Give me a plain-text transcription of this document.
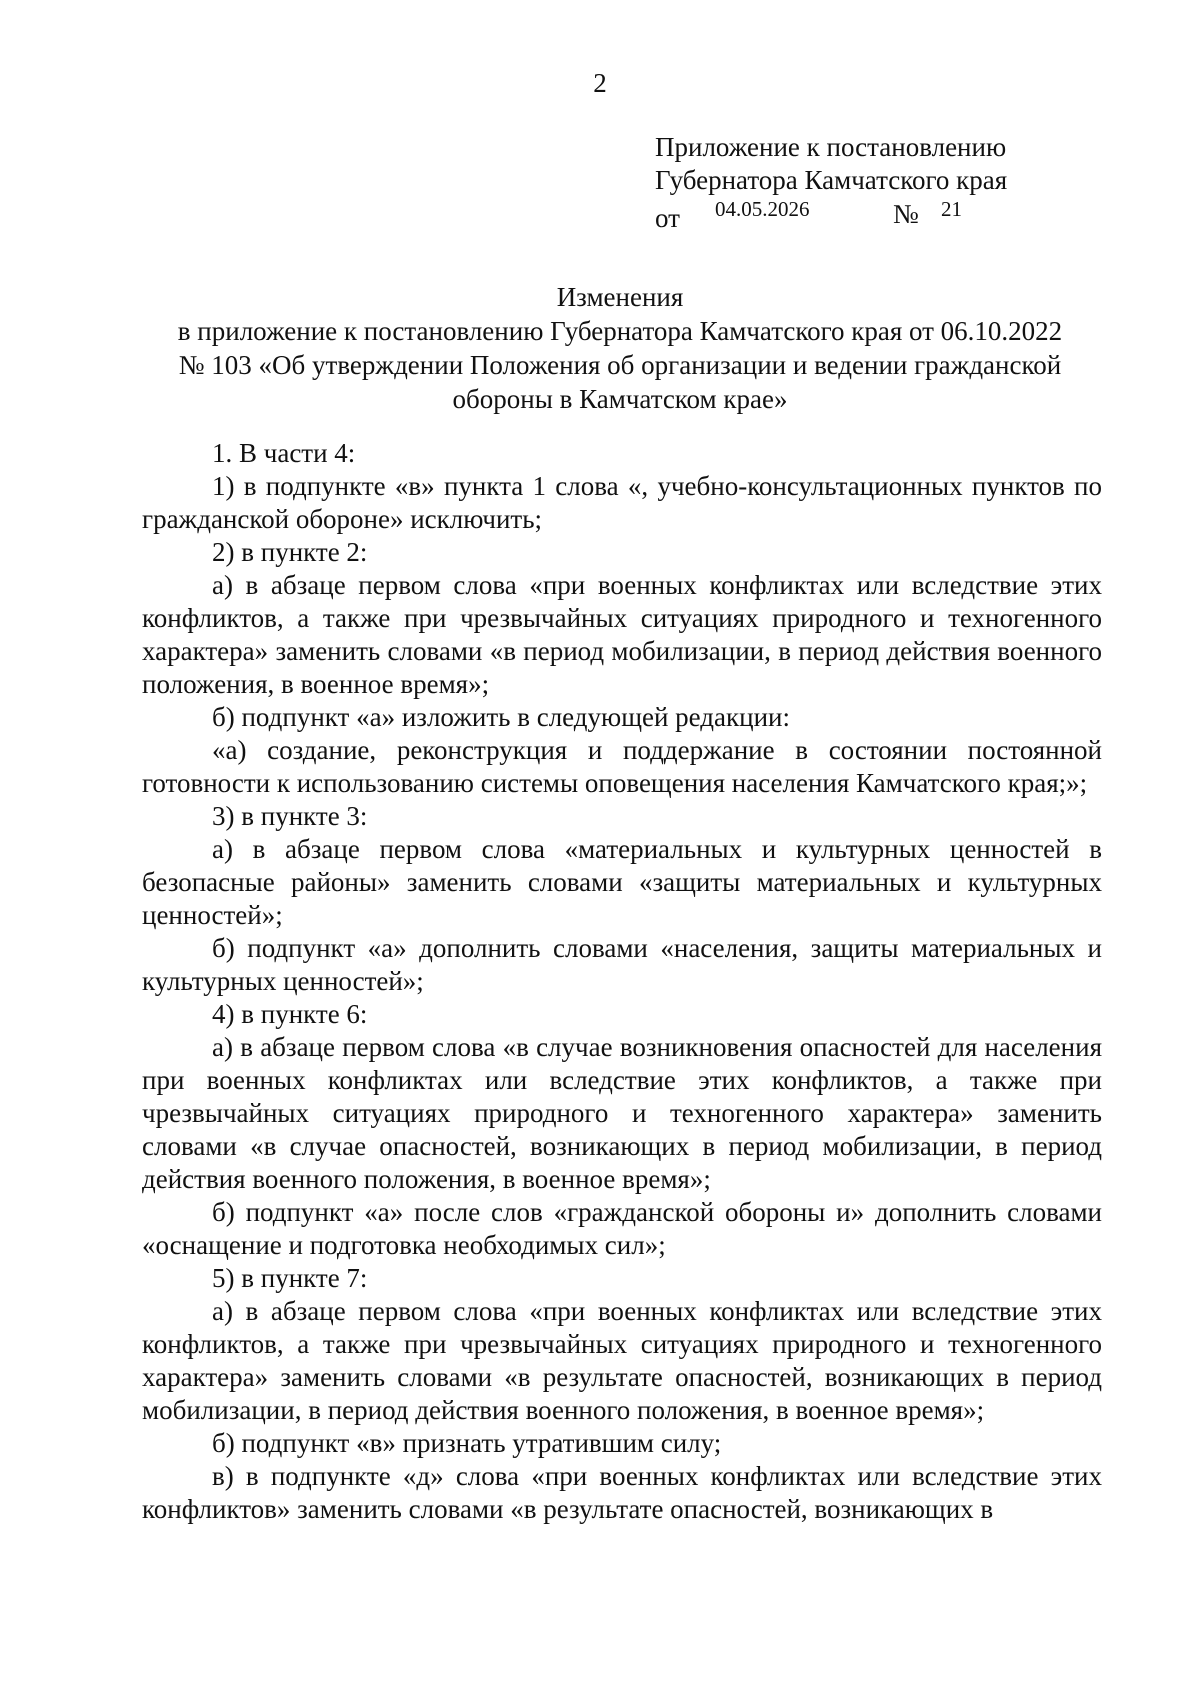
2
Приложение к постановлению
Губернатора Камчатского края
от 04.05.2026	№ 21
Изменения
в приложение к постановлению Губернатора Камчатского края от 06.10.2022
№ 103 «Об утверждении Положения об организации и ведении гражданской
обороны в Камчатском крае»

1. В части 4:

1) в подпункте «в» пункта 1 слова «, учебно-консультационных пунктов по гражданской обороне» исключить;

2) в пункте 2:

а) в абзаце первом слова «при военных конфликтах или вследствие этих конфликтов, а также при чрезвычайных ситуациях природного и техногенного характера» заменить словами «в период мобилизации, в период действия военного положения, в военное время»;

б) подпункт «а» изложить в следующей редакции:

«а) создание, реконструкция и поддержание в состоянии постоянной готовности к использованию системы оповещения населения Камчатского края;»;

3) в пункте 3:

а) в абзаце первом слова «материальных и культурных ценностей в безопасные районы» заменить словами «защиты материальных и культурных ценностей»;

б) подпункт «а» дополнить словами «населения, защиты материальных и культурных ценностей»;

4) в пункте 6:

а) в абзаце первом слова «в случае возникновения опасностей для населения при военных конфликтах или вследствие этих конфликтов, а также при чрезвычайных ситуациях природного и техногенного характера» заменить словами «в случае опасностей, возникающих в период мобилизации, в период действия военного положения, в военное время»;

б) подпункт «а» после слов «гражданской обороны и» дополнить словами «оснащение и подготовка необходимых сил»;

5) в пункте 7:

а) в абзаце первом слова «при военных конфликтах или вследствие этих конфликтов, а также при чрезвычайных ситуациях природного и техногенного характера» заменить словами «в результате опасностей, возникающих в период мобилизации, в период действия военного положения, в военное время»;

б) подпункт «в» признать утратившим силу;

в) в подпункте «д» слова «при военных конфликтах или вследствие этих конфликтов» заменить словами «в результате опасностей, возникающих в
